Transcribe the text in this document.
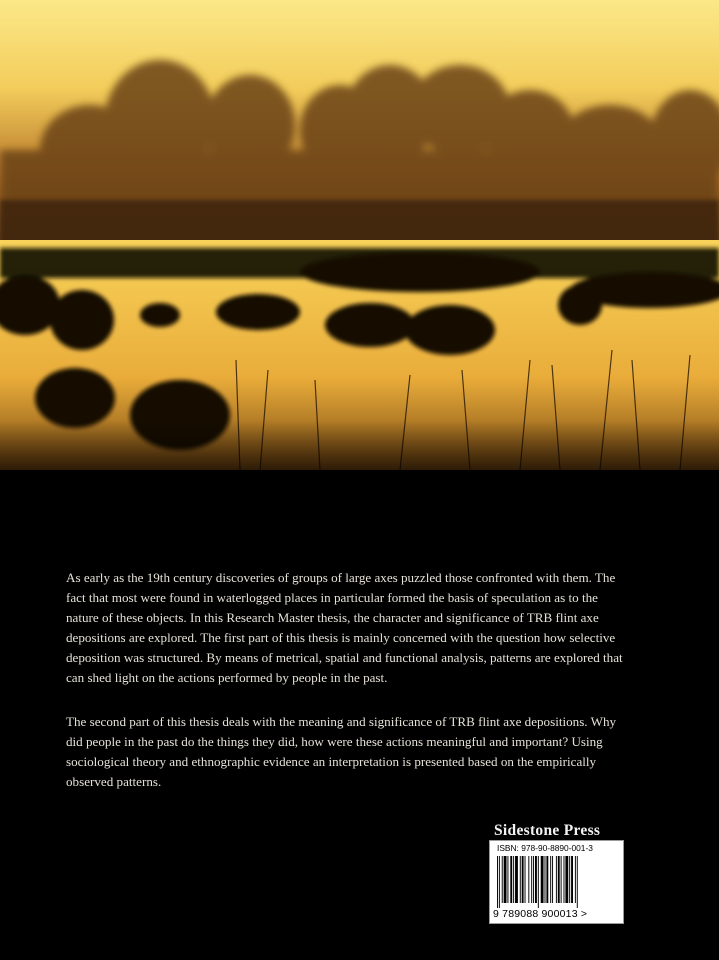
As early as the 19th century discoveries of groups of large axes puzzled those confronted with them. The fact that most were found in waterlogged places in particular formed the basis of speculation as to the nature of these objects. In this Research Master thesis, the character and significance of TRB flint axe depositions are explored. The first part of this thesis is mainly concerned with the question how selective deposition was structured. By means of metrical, spatial and functional analysis, patterns are explored that can shed light on the actions performed by people in the past.

The second part of this thesis deals with the meaning and significance of TRB flint axe depositions. Why did people in the past do the things they did, how were these actions meaningful and important? Using sociological theory and ethnographic evidence an interpretation is presented based on the empirically observed patterns.

Sidestone Press
ISBN: 978-90-8890-001-3
9 789088 900013 >
